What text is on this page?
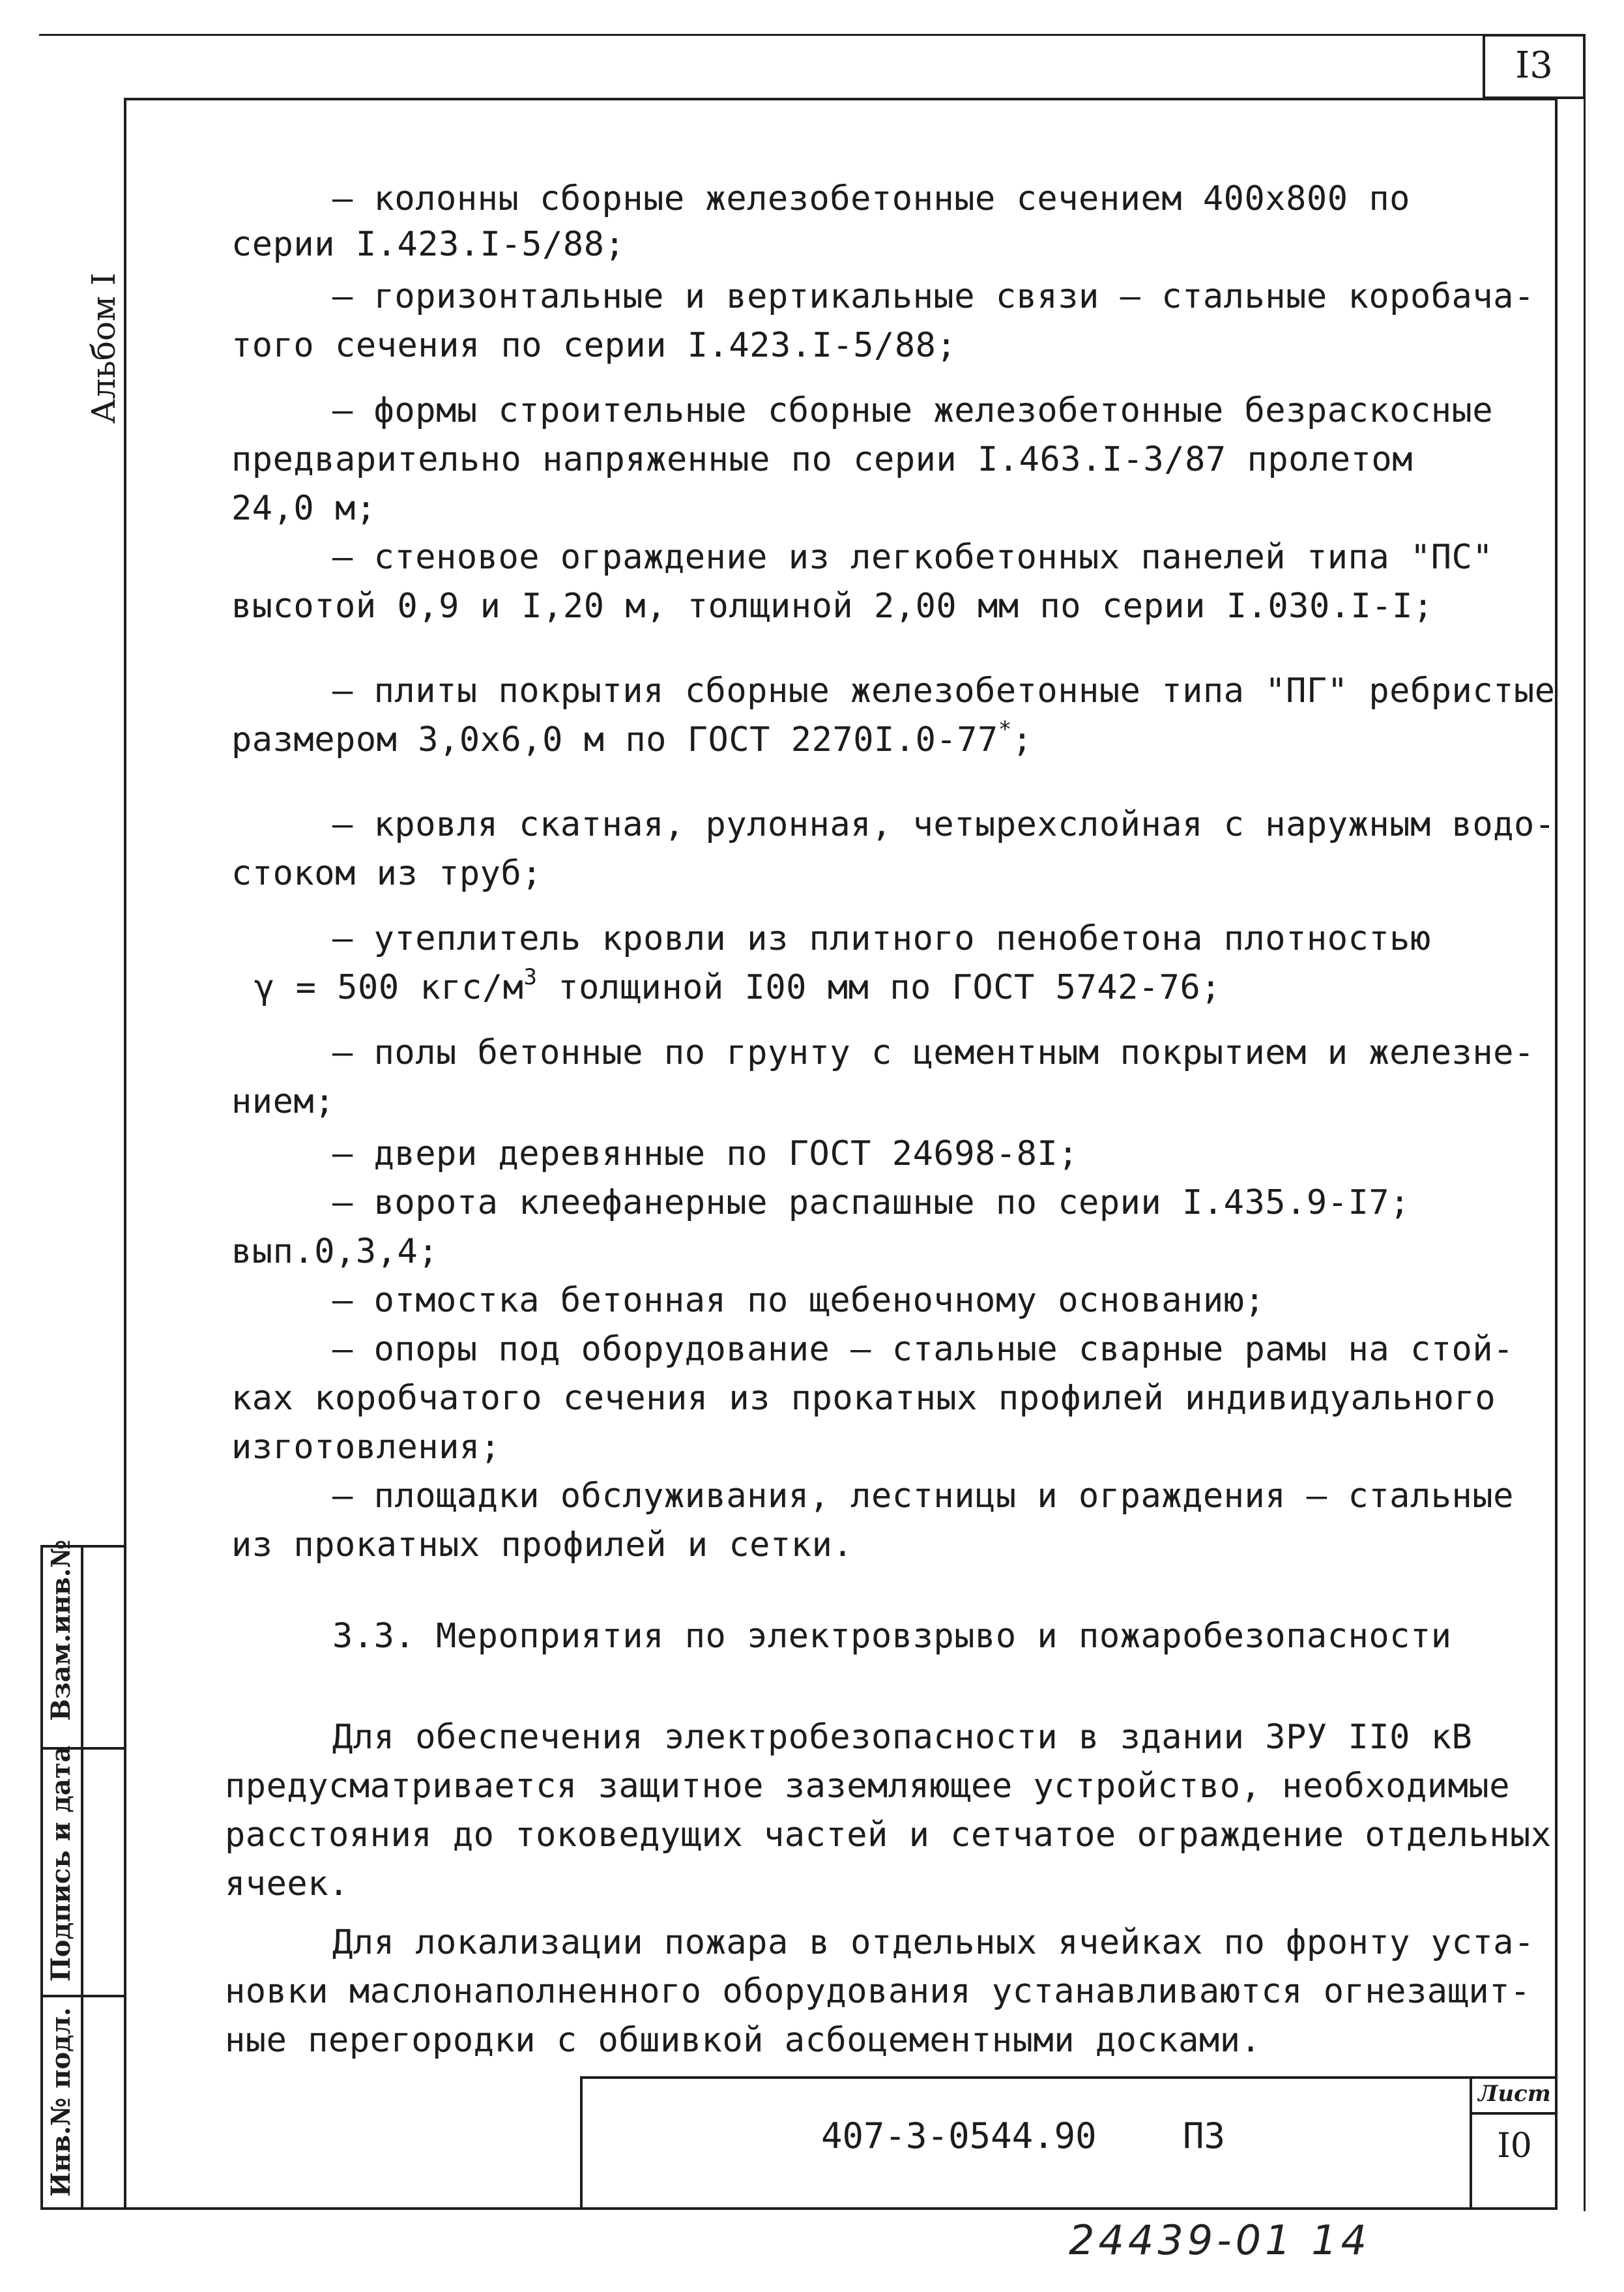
I3
Альбом I
Взам.инв.№
Подпись и дата
Инв.№ подл.
– колонны сборные железобетонные сечением 400x800 по
серии I.423.I-5/88;
– горизонтальные и вертикальные связи – стальные коробача-
того сечения по серии I.423.I-5/88;
– формы строительные сборные железобетонные безраскосные
предварительно напряженные по серии I.463.I-3/87 пролетом
24,0 м;
– стеновое ограждение из легкобетонных панелей типа "ПС"
высотой 0,9 и I,20 м, толщиной 2,00 мм по серии I.030.I-I;
– плиты покрытия сборные железобетонные типа "ПГ" ребристые
размером 3,0х6,0 м по ГОСТ 2270I.0-77*;
– кровля скатная, рулонная, четырехслойная с наружным водо-
стоком из труб;
– утеплитель кровли из плитного пенобетона плотностью
γ = 500 кгс/$м^3$ толщиной I00 мм по ГОСТ 5742-76;
– полы бетонные по грунту с цементным покрытием и железне-
нием;
– двери деревянные по ГОСТ 24698-8I;
– ворота клеефанерные распашные по серии I.435.9-I7;
вып.0,3,4;
– отмостка бетонная по щебеночному основанию;
– опоры под оборудование – стальные сварные рамы на стой-
ках коробчатого сечения из прокатных профилей индивидуального
изготовления;
– площадки обслуживания, лестницы и ограждения – стальные
из прокатных профилей и сетки.
3.3. Мероприятия по электровзрыво и пожаробезопасности
Для обеспечения электробезопасности в здании ЗРУ II0 кВ
предусматривается защитное заземляющее устройство, необходимые
расстояния до токоведущих частей и сетчатое ограждение отдельных
ячеек.
Для локализации пожара в отдельных ячейках по фронту уста-
новки маслонаполненного оборудования устанавливаются огнезащит-
ные перегородки с обшивкой асбоцементными досками.
407-3-0544.90 ПЗ
Лист
I0
24439-01 14
